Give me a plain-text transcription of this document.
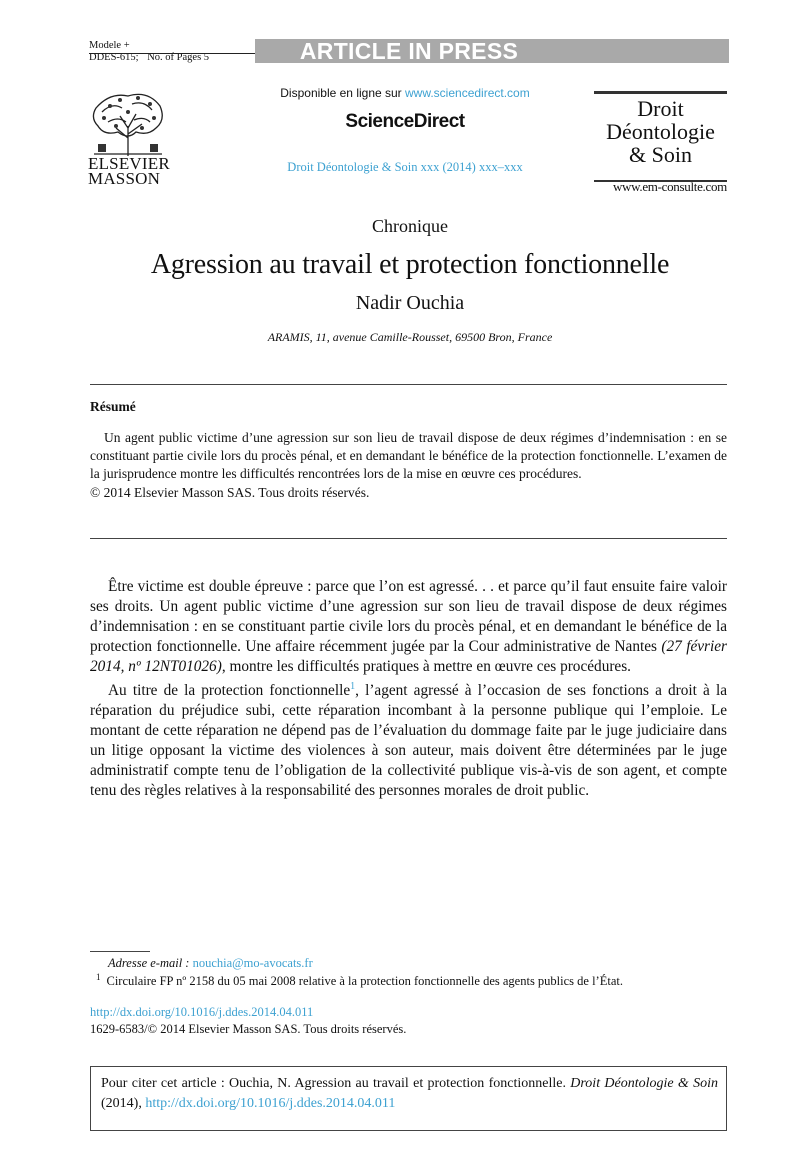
Modele +
DDES-615; No. of Pages 5	ARTICLE IN PRESS
ELSEVIER
MASSON
Disponible en ligne sur www.sciencedirect.com
ScienceDirect
Droit Déontologie & Soin xxx (2014) xxx–xxx
Droit
Déontologie
& Soin
www.em-consulte.com
Chronique
Agression au travail et protection fonctionnelle
Nadir Ouchia
ARAMIS, 11, avenue Camille-Rousset, 69500 Bron, France
Résumé
Un agent public victime d’une agression sur son lieu de travail dispose de deux régimes d’indemnisation : en se constituant partie civile lors du procès pénal, et en demandant le bénéfice de la protection fonctionnelle. L’examen de la jurisprudence montre les difficultés rencontrées lors de la mise en œuvre ces procédures.
© 2014 Elsevier Masson SAS. Tous droits réservés.

Être victime est double épreuve : parce que l’on est agressé. . . et parce qu’il faut ensuite faire valoir ses droits. Un agent public victime d’une agression sur son lieu de travail dispose de deux régimes d’indemnisation : en se constituant partie civile lors du procès pénal, et en demandant le bénéfice de la protection fonctionnelle. Une affaire récemment jugée par la Cour administrative de Nantes (27 février 2014, nº 12NT01026), montre les difficultés pratiques à mettre en œuvre ces procédures.

Au titre de la protection fonctionnelle$^1$, l’agent agressé à l’occasion de ses fonctions a droit à la réparation du préjudice subi, cette réparation incombant à la personne publique qui l’emploie. Le montant de cette réparation ne dépend pas de l’évaluation du dommage faite par le juge judiciaire dans un litige opposant la victime des violences à son auteur, mais doivent être déterminées par le juge administratif compte tenu de l’obligation de la collectivité publique vis-à-vis de son agent, et compte tenu des règles relatives à la responsabilité des personnes morales de droit public.

Adresse e-mail : nouchia@mo-avocats.fr
$^1$ Circulaire FP nº 2158 du 05 mai 2008 relative à la protection fonctionnelle des agents publics de l’État.
http://dx.doi.org/10.1016/j.ddes.2014.04.011
1629-6583/© 2014 Elsevier Masson SAS. Tous droits réservés.
Pour citer cet article : Ouchia, N. Agression au travail et protection fonctionnelle. Droit Déontologie & Soin (2014), http://dx.doi.org/10.1016/j.ddes.2014.04.011
